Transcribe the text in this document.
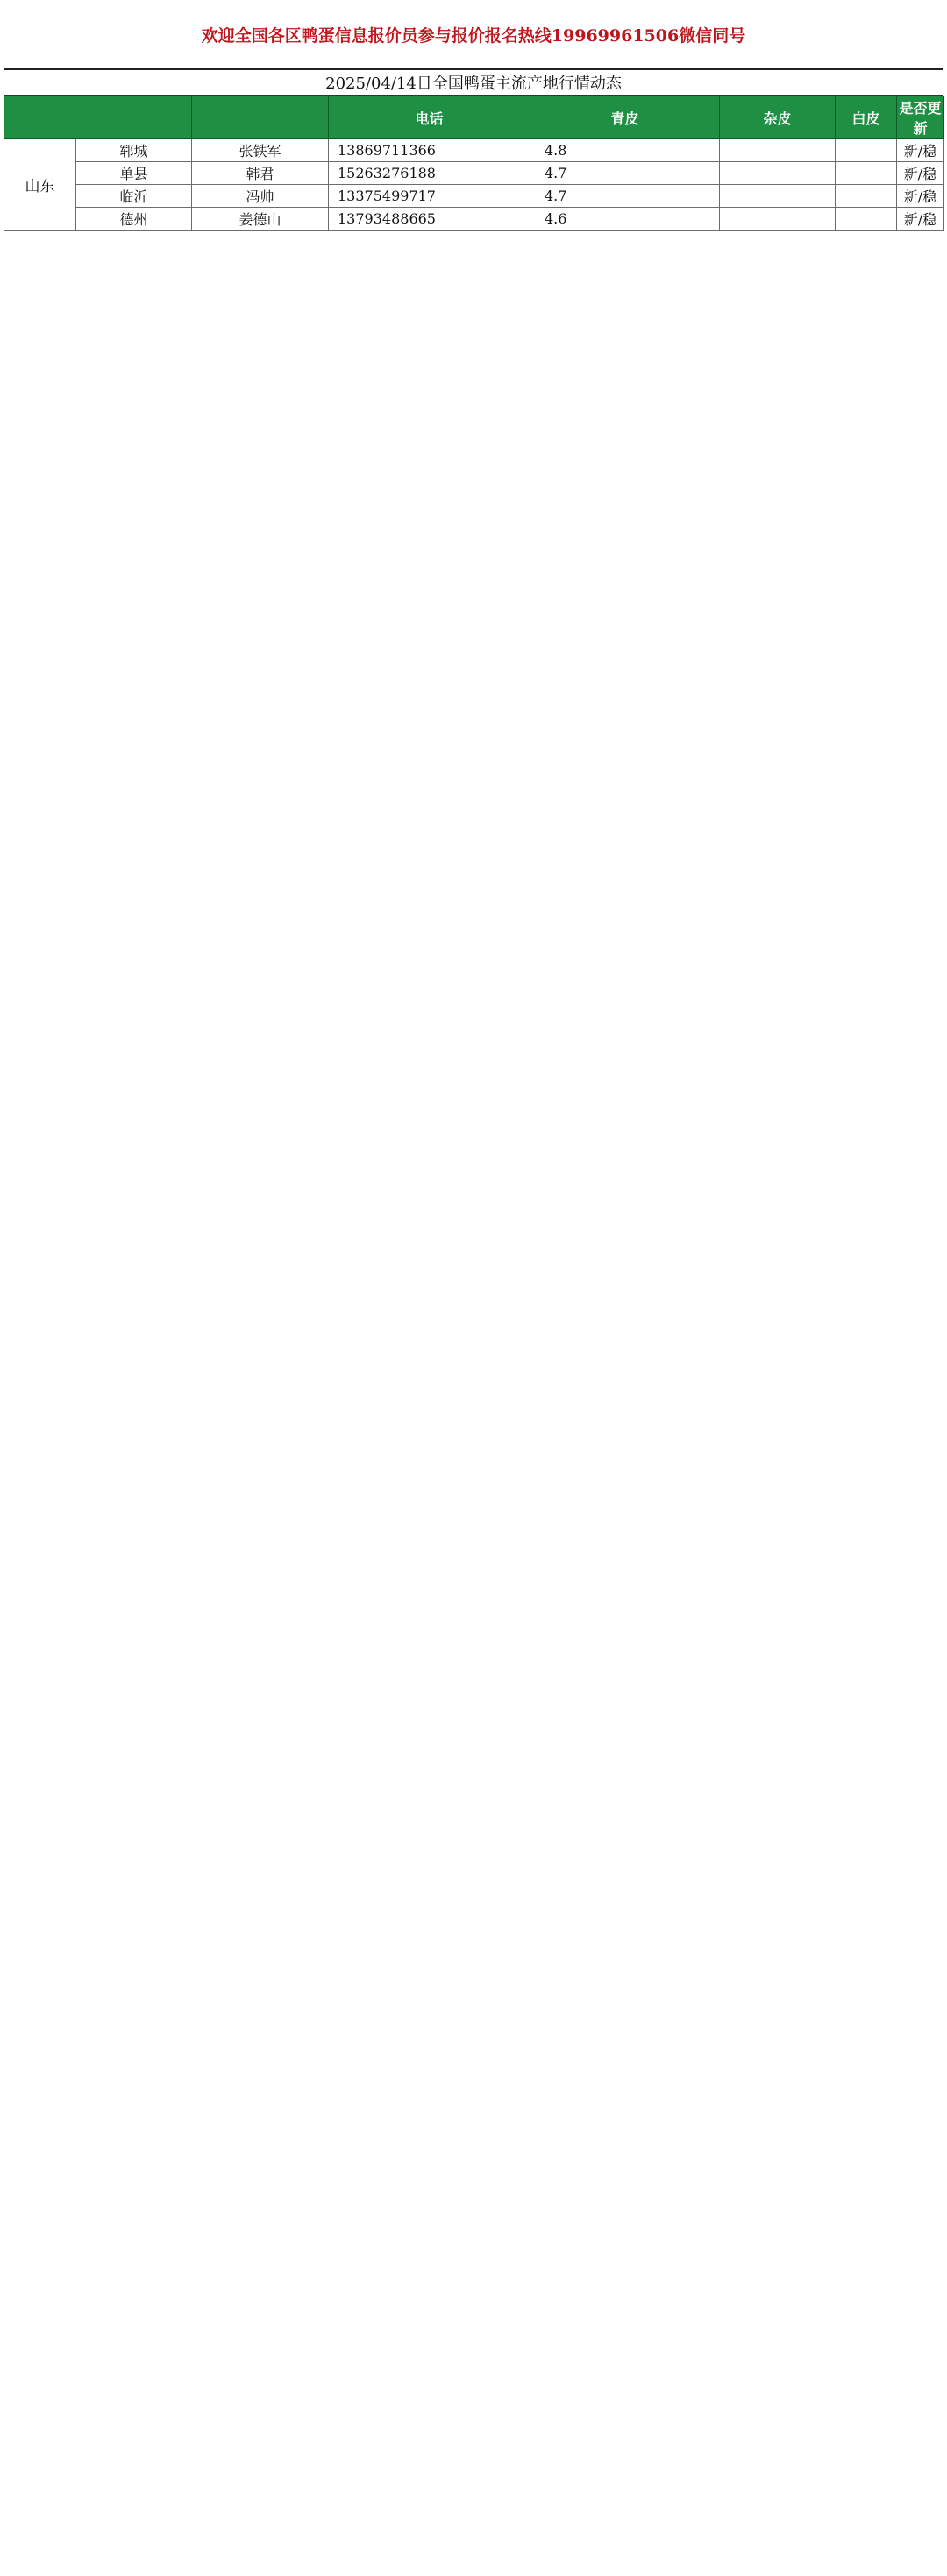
欢迎全国各区鸭蛋信息报价员参与报价报名热线19969961506微信同号
2025/04/14日全国鸭蛋主流产地行情动态
			电话	青皮	杂皮	白皮	是否更新
山东	郓城	张铁军	13869711366	4.8			新/稳
	单县	韩君	15263276188	4.7			新/稳
	临沂	冯帅	13375499717	4.7			新/稳
	德州	姜德山	13793488665	4.6			新/稳
